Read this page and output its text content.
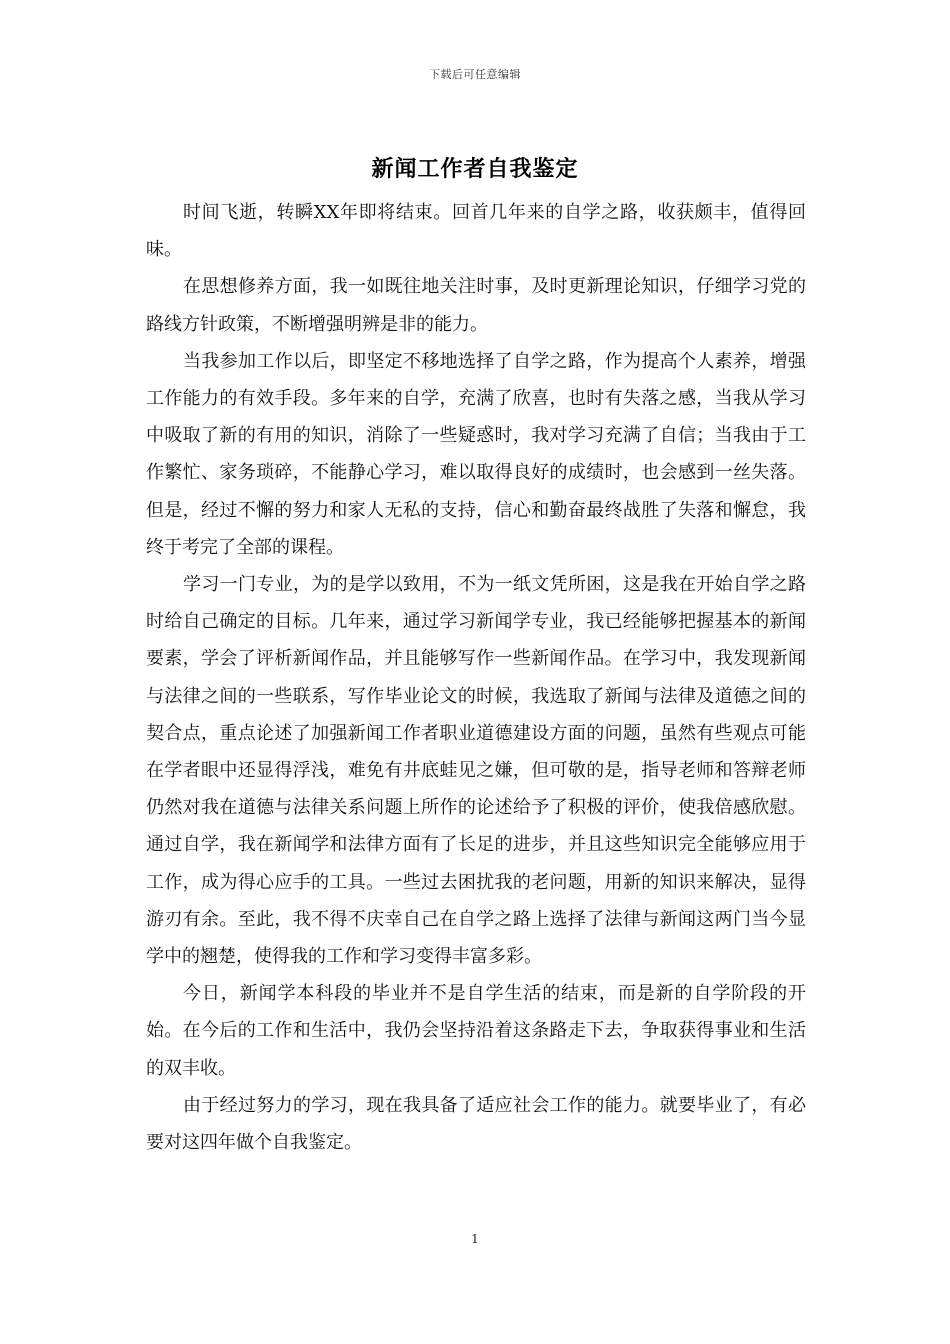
下载后可任意编辑
新闻工作者自我鉴定

时间飞逝，转瞬XX年即将结束。回首几年来的自学之路，收获颇丰，值得回味。

在思想修养方面，我一如既往地关注时事，及时更新理论知识，仔细学习党的路线方针政策，不断增强明辨是非的能力。

当我参加工作以后，即坚定不移地选择了自学之路，作为提高个人素养，增强工作能力的有效手段。多年来的自学，充满了欣喜，也时有失落之感，当我从学习中吸取了新的有用的知识，消除了一些疑惑时，我对学习充满了自信；当我由于工作繁忙、家务琐碎，不能静心学习，难以取得良好的成绩时，也会感到一丝失落。但是，经过不懈的努力和家人无私的支持，信心和勤奋最终战胜了失落和懈怠，我终于考完了全部的课程。

学习一门专业，为的是学以致用，不为一纸文凭所困，这是我在开始自学之路时给自己确定的目标。几年来，通过学习新闻学专业，我已经能够把握基本的新闻要素，学会了评析新闻作品，并且能够写作一些新闻作品。在学习中，我发现新闻与法律之间的一些联系，写作毕业论文的时候，我选取了新闻与法律及道德之间的契合点，重点论述了加强新闻工作者职业道德建设方面的问题，虽然有些观点可能在学者眼中还显得浮浅，难免有井底蛙见之嫌，但可敬的是，指导老师和答辩老师仍然对我在道德与法律关系问题上所作的论述给予了积极的评价，使我倍感欣慰。通过自学，我在新闻学和法律方面有了长足的进步，并且这些知识完全能够应用于工作，成为得心应手的工具。一些过去困扰我的老问题，用新的知识来解决，显得游刃有余。至此，我不得不庆幸自己在自学之路上选择了法律与新闻这两门当今显学中的翘楚，使得我的工作和学习变得丰富多彩。

今日，新闻学本科段的毕业并不是自学生活的结束，而是新的自学阶段的开始。在今后的工作和生活中，我仍会坚持沿着这条路走下去，争取获得事业和生活的双丰收。

由于经过努力的学习，现在我具备了适应社会工作的能力。就要毕业了，有必要对这四年做个自我鉴定。

1
